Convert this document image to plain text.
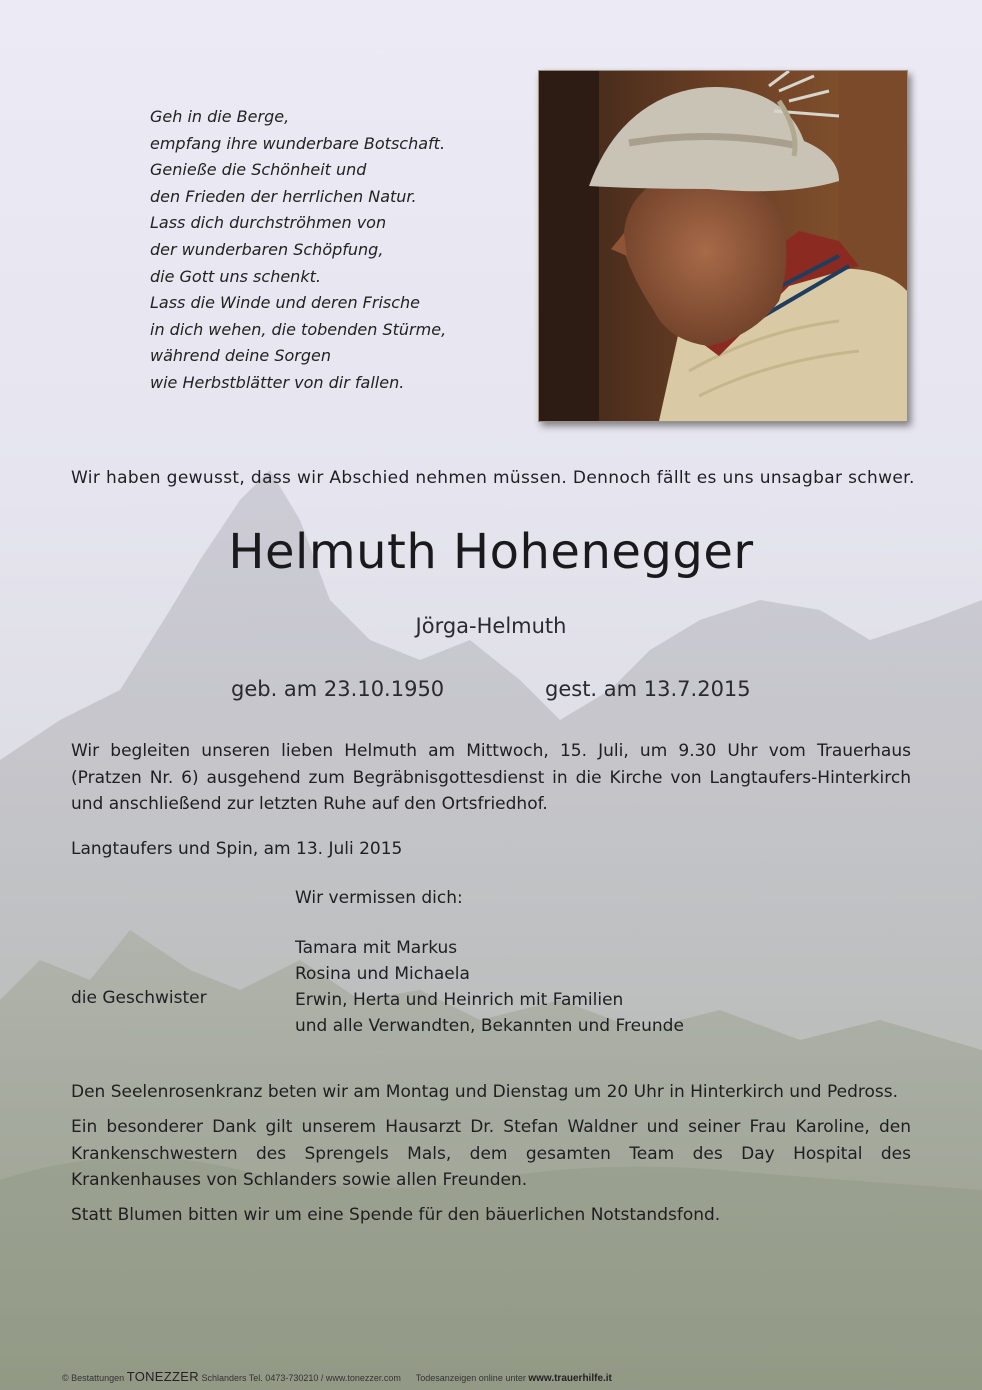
Geh in die Berge,
empfang ihre wunderbare Botschaft.
Genieße die Schönheit und
den Frieden der herrlichen Natur.
Lass dich durchströhmen von
der wunderbaren Schöpfung,
die Gott uns schenkt.
Lass die Winde und deren Frische
in dich wehen, die tobenden Stürme,
während deine Sorgen
wie Herbstblätter von dir fallen.
Wir haben gewusst, dass wir Abschied nehmen müssen. Dennoch fällt es uns unsagbar schwer.
Helmuth Hohenegger
Jörga-Helmuth
geb. am 23.10.1950	gest. am 13.7.2015

Wir begleiten unseren lieben Helmuth am Mittwoch, 15. Juli, um 9.30 Uhr vom Trauerhaus (Pratzen Nr. 6) ausgehend zum Begräbnisgottesdienst in die Kirche von Langtaufers-Hinterkirch und anschließend zur letzten Ruhe auf den Ortsfriedhof.

Langtaufers und Spin, am 13. Juli 2015
Wir vermissen dich:
Tamara mit Markus
Rosina und Michaela
Erwin, Herta und Heinrich mit Familien
und alle Verwandten, Bekannten und Freunde
die Geschwister

Den Seelenrosenkranz beten wir am Montag und Dienstag um 20 Uhr in Hinterkirch und Pedross.

Ein besonderer Dank gilt unserem Hausarzt Dr. Stefan Waldner und seiner Frau Karoline, den Krankenschwestern des Sprengels Mals, dem gesamten Team des Day Hospital des Krankenhauses von Schlanders sowie allen Freunden.

Statt Blumen bitten wir um eine Spende für den bäuerlichen Notstandsfond.

© Bestattungen TONEZZER Schlanders Tel. 0473-730210 / www.tonezzer.com Todesanzeigen online unter www.trauerhilfe.it
